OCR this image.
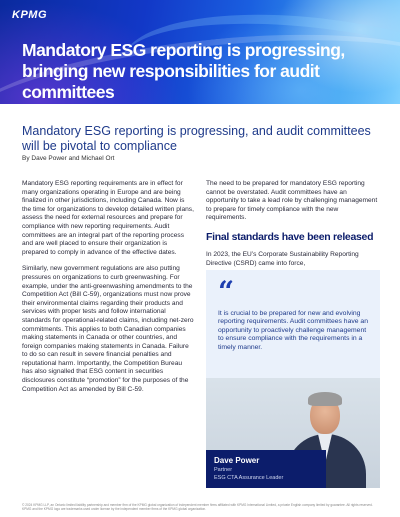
KPMG
Mandatory ESG reporting is progressing, bringing new responsibilities for audit committees
Mandatory ESG reporting is progressing, and audit committees will be pivotal to compliance
By Dave Power and Michael Ort

Mandatory ESG reporting requirements are in effect for many organizations operating in Europe and are being finalized in other jurisdictions, including Canada. Now is the time for organizations to develop detailed written plans, assess the need for external resources and prepare for compliance with new reporting requirements. Audit committees are an integral part of the reporting process and are well placed to ensure their organization is prepared to comply in advance of the effective dates.

Similarly, new government regulations are also putting pressures on organizations to curb greenwashing. For example, under the anti-greenwashing amendments to the Competition Act (Bill C-59), organizations must now prove their environmental claims regarding their products and services with proper tests and follow international standards for operational-related claims, including net-zero commitments. This applies to both Canadian companies making statements in Canada or other countries, and foreign companies making statements in Canada. Failure to do so can result in severe financial penalties and reputational harm. Importantly, the Competition Bureau has also signalled that ESG content in securities disclosures constitute “promotion” for the purposes of the Competition Act as amended by Bill C-59.

The need to be prepared for mandatory ESG reporting cannot be overstated. Audit committees have an opportunity to take a lead role by challenging management to prepare for timely compliance with the new requirements.

Final standards have been released

In 2023, the EU’s Corporate Sustainability Reporting Directive (CSRD) came into force,

“
It is crucial to be prepared for new and evolving reporting requirements. Audit committees have an opportunity to proactively challenge management to ensure compliance with the requirements in a timely manner.
Dave Power
Partner
ESG CTA Assurance Leader
© 2024 KPMG LLP, an Ontario limited liability partnership and member firm of the KPMG global organization of independent member firms affiliated with KPMG International Limited, a private English company limited by guarantee. All rights reserved. KPMG and the KPMG logo are trademarks used under license by the independent member firms of the KPMG global organization.
